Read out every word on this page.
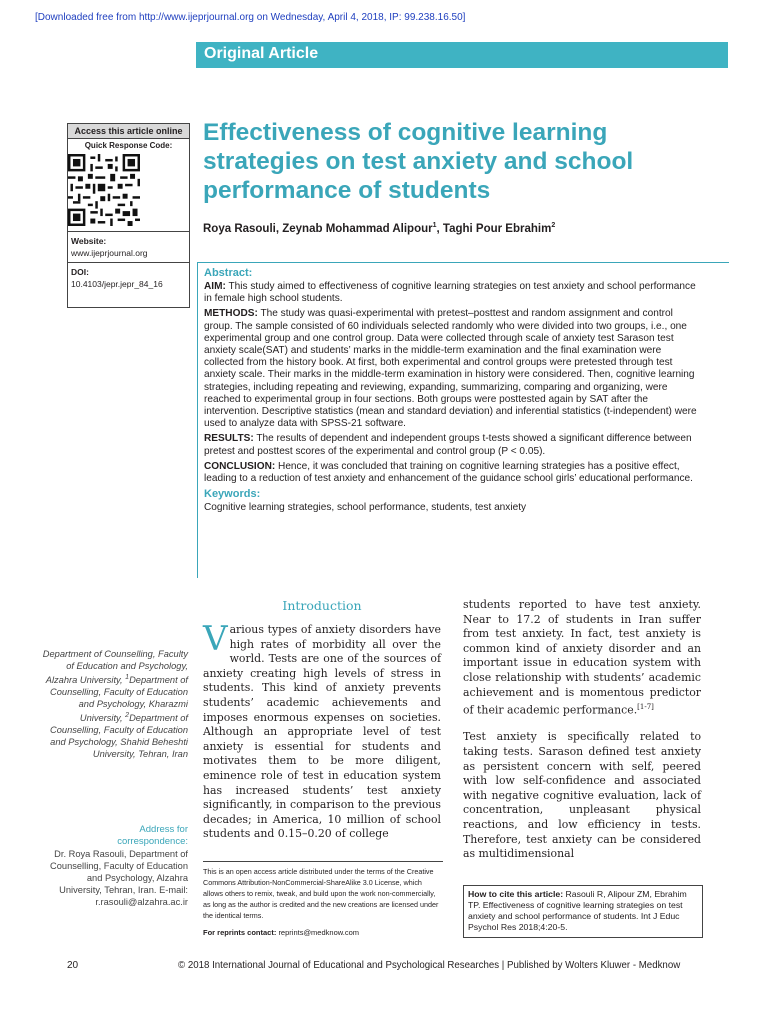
[Downloaded free from http://www.ijeprjournal.org on Wednesday, April 4, 2018, IP: 99.238.16.50]
Original Article
Access this article online
Quick Response Code:
Website:
www.ijeprjournal.org
DOI:
10.4103/jepr.jepr_84_16
Effectiveness of cognitive learning strategies on test anxiety and school performance of students
Roya Rasouli, Zeynab Mohammad Alipour$^1$, Taghi Pour Ebrahim$^2$
Abstract:

AIM: This study aimed to effectiveness of cognitive learning strategies on test anxiety and school performance in female high school students.

METHODS: The study was quasi-experimental with pretest–posttest and random assignment and control group. The sample consisted of 60 individuals selected randomly who were divided into two groups, i.e., one experimental group and one control group. Data were collected through scale of anxiety test Sarason test anxiety scale(SAT) and students’ marks in the middle-term examination and the final examination were collected from the history book. At first, both experimental and control groups were pretested through test anxiety scale. Their marks in the middle-term examination in history were considered. Then, cognitive learning strategies, including repeating and reviewing, expanding, summarizing, comparing and organizing, were reached to experimental group in four sections. Both groups were posttested again by SAT after the intervention. Descriptive statistics (mean and standard deviation) and inferential statistics (t-independent) were used to analyze data with SPSS-21 software.

RESULTS: The results of dependent and independent groups t-tests showed a significant difference between pretest and posttest scores of the experimental and control group (P < 0.05).

CONCLUSION: Hence, it was concluded that training on cognitive learning strategies has a positive effect, leading to a reduction of test anxiety and enhancement of the guidance school girls’ educational performance.

Keywords:

Cognitive learning strategies, school performance, students, test anxiety

Department of Counselling, Faculty of Education and Psychology, Alzahra University, $^1$Department of Counselling, Faculty of Education and Psychology, Kharazmi University, $^2$Department of Counselling, Faculty of Education and Psychology, Shahid Beheshti University, Tehran, Iran
Address for correspondence:
Dr. Roya Rasouli, Department of Counselling, Faculty of Education and Psychology, Alzahra University, Tehran, Iran. E-mail: r.rasouli@alzahra.ac.ir
Introduction
Various types of anxiety disorders have high rates of morbidity all over the world. Tests are one of the sources of anxiety creating high levels of stress in students. This kind of anxiety prevents students’ academic achievements and imposes enormous expenses on societies. Although an appropriate level of test anxiety is essential for students and motivates them to be more diligent, eminence role of test in education system has increased students’ test anxiety significantly, in comparison to the previous decades; in America, 10 million of school students and 0.15–0.20 of college

students reported to have test anxiety. Near to 17.2 of students in Iran suffer from test anxiety. In fact, test anxiety is common kind of anxiety disorder and an important issue in education system with close relationship with students’ academic achievement and is momentous predictor of their academic performance.[1-7]

Test anxiety is specifically related to taking tests. Sarason defined test anxiety as persistent concern with self, peered with low self-confidence and associated with negative cognitive evaluation, lack of concentration, unpleasant physical reactions, and low efficiency in tests. Therefore, test anxiety can be considered as multidimensional

This is an open access article distributed under the terms of the Creative Commons Attribution-NonCommercial-ShareAlike 3.0 License, which allows others to remix, tweak, and build upon the work non-commercially, as long as the author is credited and the new creations are licensed under the identical terms.
For reprints contact: reprints@medknow.com
How to cite this article: Rasouli R, Alipour ZM, Ebrahim TP. Effectiveness of cognitive learning strategies on test anxiety and school performance of students. Int J Educ Psychol Res 2018;4:20-5.
20	© 2018 International Journal of Educational and Psychological Researches | Published by Wolters Kluwer - Medknow
